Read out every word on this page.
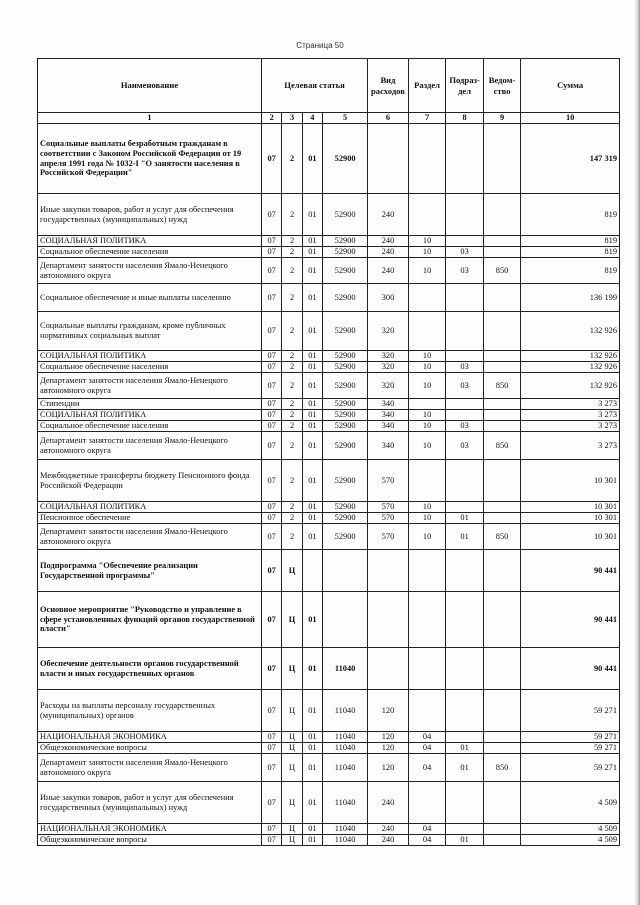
Страница 50
Наименование	Целевая статья				Вид расходов	Раздел	Подраз-дел	Ведом-ство	Сумма
1	2	3	4	5	6	7	8	9	10
Социальные выплаты безработным гражданам в соответствии с Законом Российской Федерации от 19 апреля 1991 года № 1032-I "О занятости населения в Российской Федерации"	07	2	01	52900					147 319
Иные закупки товаров, работ и услуг для обеспечения государственных (муниципальных) нужд	07	2	01	52900	240				819
СОЦИАЛЬНАЯ ПОЛИТИКА	07	2	01	52900	240	10			819
Социальное обеспечение населения	07	2	01	52900	240	10	03		819
Департамент занятости населения Ямало-Ненецкого автономного округа	07	2	01	52900	240	10	03	850	819
Социальное обеспечение и иные выплаты населению	07	2	01	52900	300				136 199
Социальные выплаты гражданам, кроме публичных нормативных социальных выплат	07	2	01	52900	320				132 926
СОЦИАЛЬНАЯ ПОЛИТИКА	07	2	01	52900	320	10			132 926
Социальное обеспечение населения	07	2	01	52900	320	10	03		132 926
Департамент занятости населения Ямало-Ненецкого автономного округа	07	2	01	52900	320	10	03	850	132 926
Стипендии	07	2	01	52900	340				3 273
СОЦИАЛЬНАЯ ПОЛИТИКА	07	2	01	52900	340	10			3 273
Социальное обеспечение населения	07	2	01	52900	340	10	03		3 273
Департамент занятости населения Ямало-Ненецкого автономного округа	07	2	01	52900	340	10	03	850	3 273
Межбюджетные трансферты бюджету Пенсионного фонда Российской Федерации	07	2	01	52900	570				10 301
СОЦИАЛЬНАЯ ПОЛИТИКА	07	2	01	52900	570	10			10 301
Пенсионное обеспечение	07	2	01	52900	570	10	01		10 301
Департамент занятости населения Ямало-Ненецкого автономного округа	07	2	01	52900	570	10	01	850	10 301
Подпрограмма "Обеспечение реализации Государственной программы"	07	Ц							90 441
Основное мероприятие "Руководство и управление в сфере установленных функций органов государственной власти"	07	Ц	01						90 441
Обеспечение деятельности органов государственной власти и иных государственных органов	07	Ц	01	11040					90 441
Расходы на выплаты персоналу государственных (муниципальных) органов	07	Ц	01	11040	120				59 271
НАЦИОНАЛЬНАЯ ЭКОНОМИКА	07	Ц	01	11040	120	04			59 271
Общеэкономические вопросы	07	Ц	01	11040	120	04	01		59 271
Департамент занятости населения Ямало-Ненецкого автономного округа	07	Ц	01	11040	120	04	01	850	59 271
Иные закупки товаров, работ и услуг для обеспечения государственных (муниципальных) нужд	07	Ц	01	11040	240				4 509
НАЦИОНАЛЬНАЯ ЭКОНОМИКА	07	Ц	01	11040	240	04			4 509
Общеэкономические вопросы	07	Ц	01	11040	240	04	01		4 509
